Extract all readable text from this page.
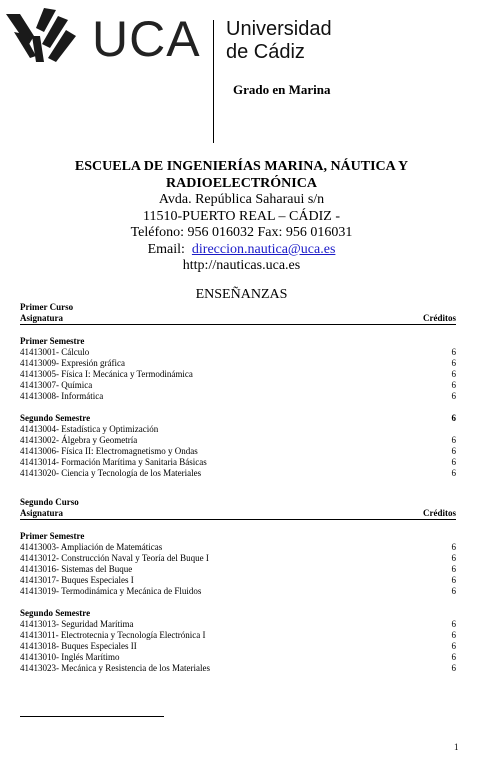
UCA Universidad
de Cádiz
Grado en Marina
ESCUELA DE INGENIERÍAS MARINA, NÁUTICA Y
RADIOELECTRÓNICA
Avda. República Saharaui s/n
11510-PUERTO REAL – CÁDIZ -
Teléfono: 956 016032 Fax: 956 016031
Email: direccion.nautica@uca.es
http://nauticas.uca.es
ENSEÑANZAS
Primer Curso
Asignatura	Créditos
Primer Semestre
41413001- Cálculo	6
41413009- Expresión gráfica	6
41413005- Física I: Mecánica y Termodinámica	6
41413007- Química	6
41413008- Informática	6
Segundo Semestre	6
41413004- Estadística y Optimización
41413002- Álgebra y Geometría	6
41413006- Física II: Electromagnetismo y Ondas	6
41413014- Formación Marítima y Sanitaria Básicas	6
41413020- Ciencia y Tecnología de los Materiales	6
Segundo Curso
Asignatura	Créditos
Primer Semestre
41413003- Ampliación de Matemáticas	6
41413012- Construcción Naval y Teoría del Buque I	6
41413016- Sistemas del Buque	6
41413017- Buques Especiales I	6
41413019- Termodinámica y Mecánica de Fluidos	6
Segundo Semestre
41413013- Seguridad Marítima	6
41413011- Electrotecnia y Tecnología Electrónica I	6
41413018- Buques Especiales II	6
41413010- Inglés Marítimo	6
41413023- Mecánica y Resistencia de los Materiales	6
1
